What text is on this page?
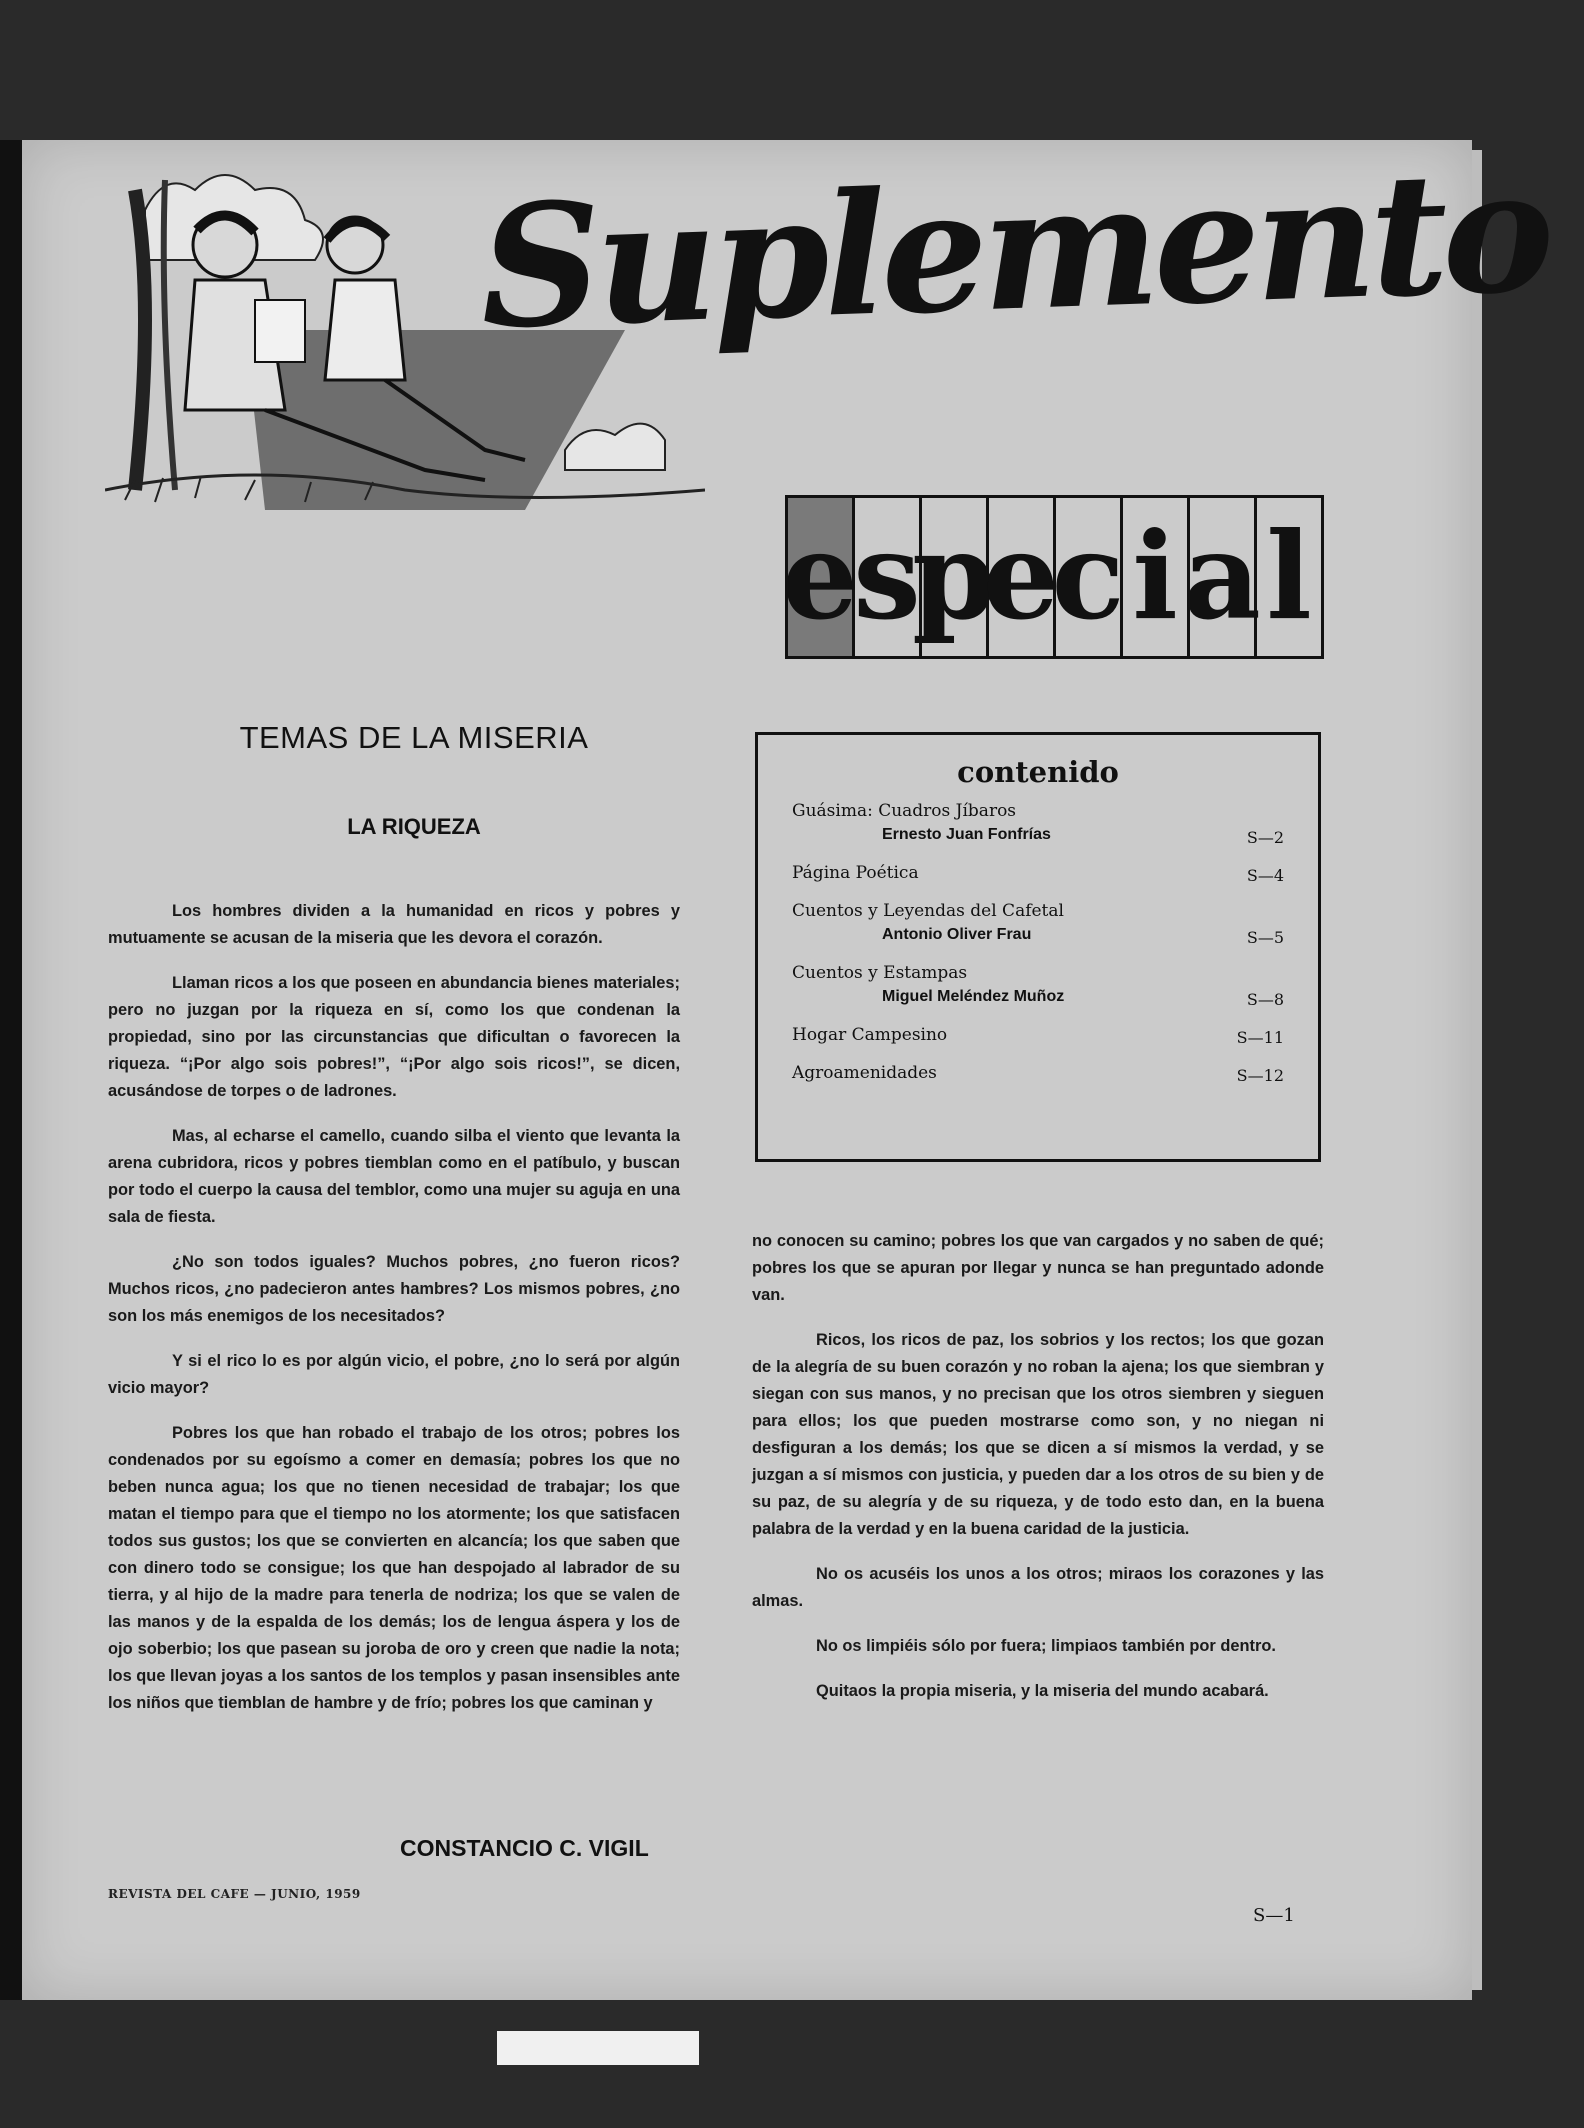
Suplemento
e
s
p
e
c i a l
TEMAS DE LA MISERIA
LA RIQUEZA

Los hombres dividen a la humanidad en ricos y pobres y mutuamente se acusan de la miseria que les devora el corazón.

Llaman ricos a los que poseen en abundancia bienes materiales; pero no juzgan por la riqueza en sí, como los que condenan la propiedad, sino por las circunstancias que dificultan o favorecen la riqueza. “¡Por algo sois pobres!”, “¡Por algo sois ricos!”, se dicen, acusándose de torpes o de ladrones.

Mas, al echarse el camello, cuando silba el viento que levanta la arena cubridora, ricos y pobres tiemblan como en el patíbulo, y buscan por todo el cuerpo la causa del temblor, como una mujer su aguja en una sala de fiesta.

¿No son todos iguales? Muchos pobres, ¿no fueron ricos? Muchos ricos, ¿no padecieron antes hambres? Los mismos pobres, ¿no son los más enemigos de los necesitados?

Y si el rico lo es por algún vicio, el pobre, ¿no lo será por algún vicio mayor?

Pobres los que han robado el trabajo de los otros; pobres los condenados por su egoísmo a comer en demasía; pobres los que no beben nunca agua; los que no tienen necesidad de trabajar; los que matan el tiempo para que el tiempo no los atormente; los que satisfacen todos sus gustos; los que se convierten en alcancía; los que saben que con dinero todo se consigue; los que han despojado al labrador de su tierra, y al hijo de la madre para tenerla de nodriza; los que se valen de las manos y de la espalda de los demás; los de lengua áspera y los de ojo soberbio; los que pasean su joroba de oro y creen que nadie la nota; los que llevan joyas a los santos de los templos y pasan insensibles ante los niños que tiemblan de hambre y de frío; pobres los que caminan y

CONSTANCIO C. VIGIL
contenido
Guásima: Cuadros Jíbaros
Ernesto Juan Fonfrías	S—2
Página Poética	S—4
Cuentos y Leyendas del Cafetal
Antonio Oliver Frau	S—5
Cuentos y Estampas
Miguel Meléndez Muñoz	S—8
Hogar Campesino	S—11
Agroamenidades	S—12

no conocen su camino; pobres los que van cargados y no saben de qué; pobres los que se apuran por llegar y nunca se han preguntado adonde van.

Ricos, los ricos de paz, los sobrios y los rectos; los que gozan de la alegría de su buen corazón y no roban la ajena; los que siembran y siegan con sus manos, y no precisan que los otros siembren y sieguen para ellos; los que pueden mostrarse como son, y no niegan ni desfiguran a los demás; los que se dicen a sí mismos la verdad, y se juzgan a sí mismos con justicia, y pueden dar a los otros de su bien y de su paz, de su alegría y de su riqueza, y de todo esto dan, en la buena palabra de la verdad y en la buena caridad de la justicia.

No os acuséis los unos a los otros; miraos los corazones y las almas.

No os limpiéis sólo por fuera; limpiaos también por dentro.

Quitaos la propia miseria, y la miseria del mundo acabará.

REVISTA DEL CAFE — JUNIO, 1959
S—1
